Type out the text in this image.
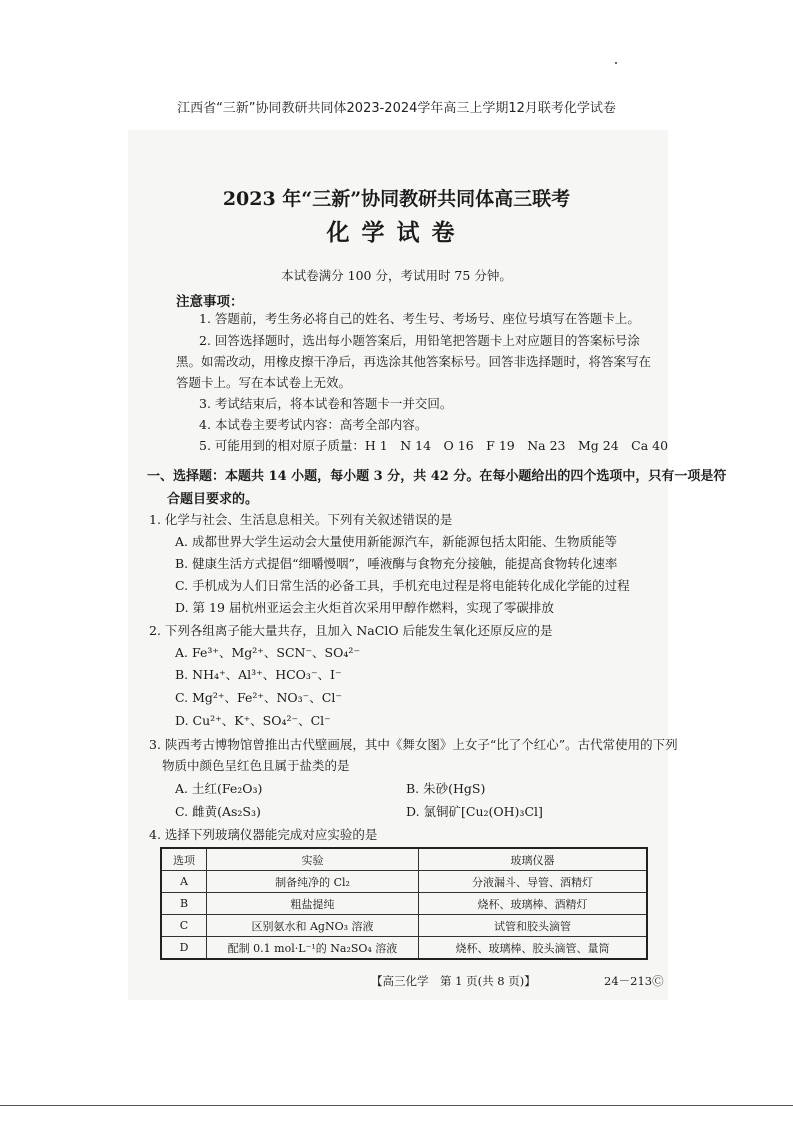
江西省“三新”协同教研共同体2023-2024学年高三上学期12月联考化学试卷
2023 年“三新”协同教研共同体高三联考
化学试卷
本试卷满分 100 分，考试用时 75 分钟。
注意事项：
1. 答题前，考生务必将自己的姓名、考生号、考场号、座位号填写在答题卡上。
2. 回答选择题时，选出每小题答案后，用铅笔把答题卡上对应题目的答案标号涂
黑。如需改动，用橡皮擦干净后，再选涂其他答案标号。回答非选择题时，将答案写在
答题卡上。写在本试卷上无效。
3. 考试结束后，将本试卷和答题卡一并交回。
4. 本试卷主要考试内容：高考全部内容。
5. 可能用到的相对原子质量：H 1　N 14　O 16　F 19　Na 23　Mg 24　Ca 40
一、选择题：本题共 14 小题，每小题 3 分，共 42 分。在每小题给出的四个选项中，只有一项是符
合题目要求的。
1. 化学与社会、生活息息相关。下列有关叙述错误的是
A. 成都世界大学生运动会大量使用新能源汽车，新能源包括太阳能、生物质能等
B. 健康生活方式提倡“细嚼慢咽”，唾液酶与食物充分接触，能提高食物转化速率
C. 手机成为人们日常生活的必备工具，手机充电过程是将电能转化成化学能的过程
D. 第 19 届杭州亚运会主火炬首次采用甲醇作燃料，实现了零碳排放
2. 下列各组离子能大量共存，且加入 NaClO 后能发生氧化还原反应的是
A. Fe³⁺、Mg²⁺、SCN⁻、SO₄²⁻
B. NH₄⁺、Al³⁺、HCO₃⁻、I⁻
C. Mg²⁺、Fe²⁺、NO₃⁻、Cl⁻
D. Cu²⁺、K⁺、SO₄²⁻、Cl⁻
3. 陕西考古博物馆曾推出古代壁画展，其中《舞女图》上女子“比了个红心”。古代常使用的下列
物质中颜色呈红色且属于盐类的是
A. 土红(Fe₂O₃)	B. 朱砂(HgS)
C. 雌黄(As₂S₃)	D. 氯铜矿[Cu₂(OH)₃Cl]
4. 选择下列玻璃仪器能完成对应实验的是
选项	实验	玻璃仪器
A	制备纯净的 Cl₂	分液漏斗、导管、酒精灯
B	粗盐提纯	烧杯、玻璃棒、酒精灯
C	区别氨水和 AgNO₃ 溶液	试管和胶头滴管
D	配制 0.1 mol·L⁻¹的 Na₂SO₄ 溶液	烧杯、玻璃棒、胶头滴管、量筒
【高三化学　第 1 页(共 8 页)】	24－213Ⓒ
